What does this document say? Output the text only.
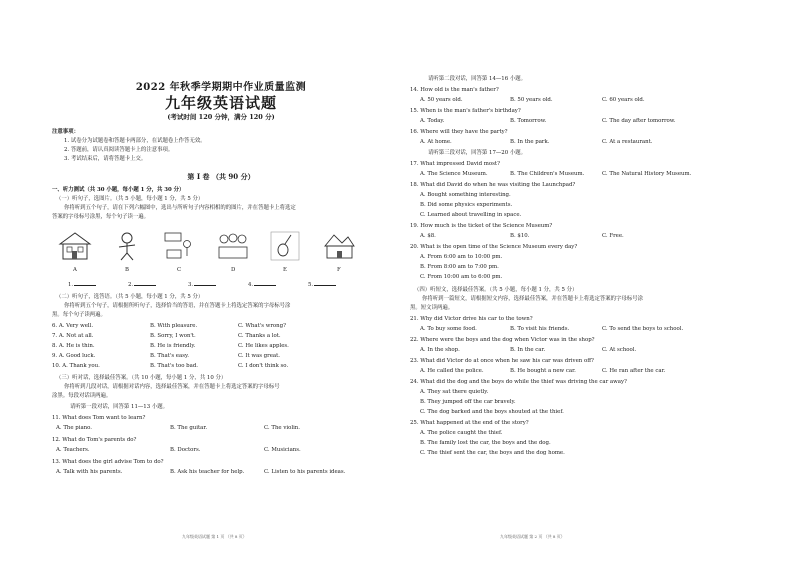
2022 年秋季学期期中作业质量监测
九年级英语试题
(考试时间 120 分钟，满分 120 分)
注意事项：
1. 试卷分为试题卷和答题卡两部分，在试题卷上作答无效。
2. 答题前，请认真阅读答题卡上的注意事项。
3. 考试结束后，请将答题卡上交。
第 I 卷 （共 90 分）
一、听力测试（共 30 小题，每小题 1 分，共 30 分）
（一）听句子，选图片。（共 5 小题，每小题 1 分，共 5 分）
你将听到五个句子，请在下列六幅图中，选出与所听句子内容相相的的图片，并在答题卡上将选定
答案的字母标号涂黑，每个句子读一遍。
A	B	C	D	E	F
1.	2.	3.	4.	5.
（二）听句子，选答语。（共 5 小题，每小题 1 分，共 5 分）
你将听到五个句子，请根据所听句子，选择恰当的答语，并在答题卡上将选定答案的字母标号涂
黑。每个句子读两遍。
6. A. Very well.	B. With pleasure.	C. What's wrong?
7. A. Not at all.	B. Sorry, I won't.	C. Thanks a lot.
8. A. He is thin.	B. He is friendly.	C. He likes apples.
9. A. Good luck.	B. That's easy.	C. It was great.
10. A. Thank you.	B. That's too bad.	C. I don't think so.
（三）听对话，选择最佳答案。（共 10 小题，每小题 1 分，共 10 分）
你将听到几段对话，请根据对话内容，选择最佳答案，并在答题卡上将选定答案的字母标号
涂黑。每段对话读两遍。
请听第一段对话，回答第 11—13 小题。
11. What does Tom want to learn?
A. The piano.	B. The guitar.	C. The violin.
12. What do Tom's parents do?
A. Teachers.	B. Doctors.	C. Musicians.
13. What does the girl advise Tom to do?
A. Talk with his parents.	B. Ask his teacher for help.	C. Listen to his parents ideas.
九年级英语试题 第 1 页 （共 8 页）
请听第二段对话，回答第 14—16 小题。
14. How old is the man's father?
A. 50 years old.	B. 50 years old.	C. 60 years old.
15. When is the man's father's birthday?
A. Today.	B. Tomorrow.	C. The day after tomorrow.
16. Where will they have the party?
A. At home.	B. In the park.	C. At a restaurant.
请听第三段对话，回答第 17—20 小题。
17. What impressed David most?
A. The Science Museum.	B. The Children's Museum.	C. The Natural History Museum.
18. What did David do when he was visiting the Launchpad?
A. Bought something interesting.
B. Did some physics experiments.
C. Learned about travelling in space.
19. How much is the ticket of the Science Museum?
A. $8.	B. $10.	C. Free.
20. What is the open time of the Science Museum every day?
A. From 6:00 am to 10:00 pm.
B. From 8:00 am to 7:00 pm.
C. From 10:00 am to 6:00 pm.
（四）听短文，选择最佳答案。（共 5 小题，每小题 1 分，共 5 分）
你将听到一篇短文，请根据短文内容，选择最佳答案，并在答题卡上将选定答案的字母标号涂
黑。短文读两遍。
21. Why did Victor drive his car to the town?
A. To buy some food.	B. To visit his friends.	C. To send the boys to school.
22. Where were the boys and the dog when Victor was in the shop?
A. In the shop.	B. In the car.	C. At school.
23. What did Victor do at once when he saw his car was driven off?
A. He called the police.	B. He bought a new car.	C. He ran after the car.
24. What did the dog and the boys do while the thief was driving the car away?
A. They sat there quietly.
B. They jumped off the car bravely.
C. The dog barked and the boys shouted at the thief.
25. What happened at the end of the story?
A. The police caught the thief.
B. The family lost the car, the boys and the dog.
C. The thief sent the car, the boys and the dog home.
九年级英语试题 第 2 页 （共 8 页）
